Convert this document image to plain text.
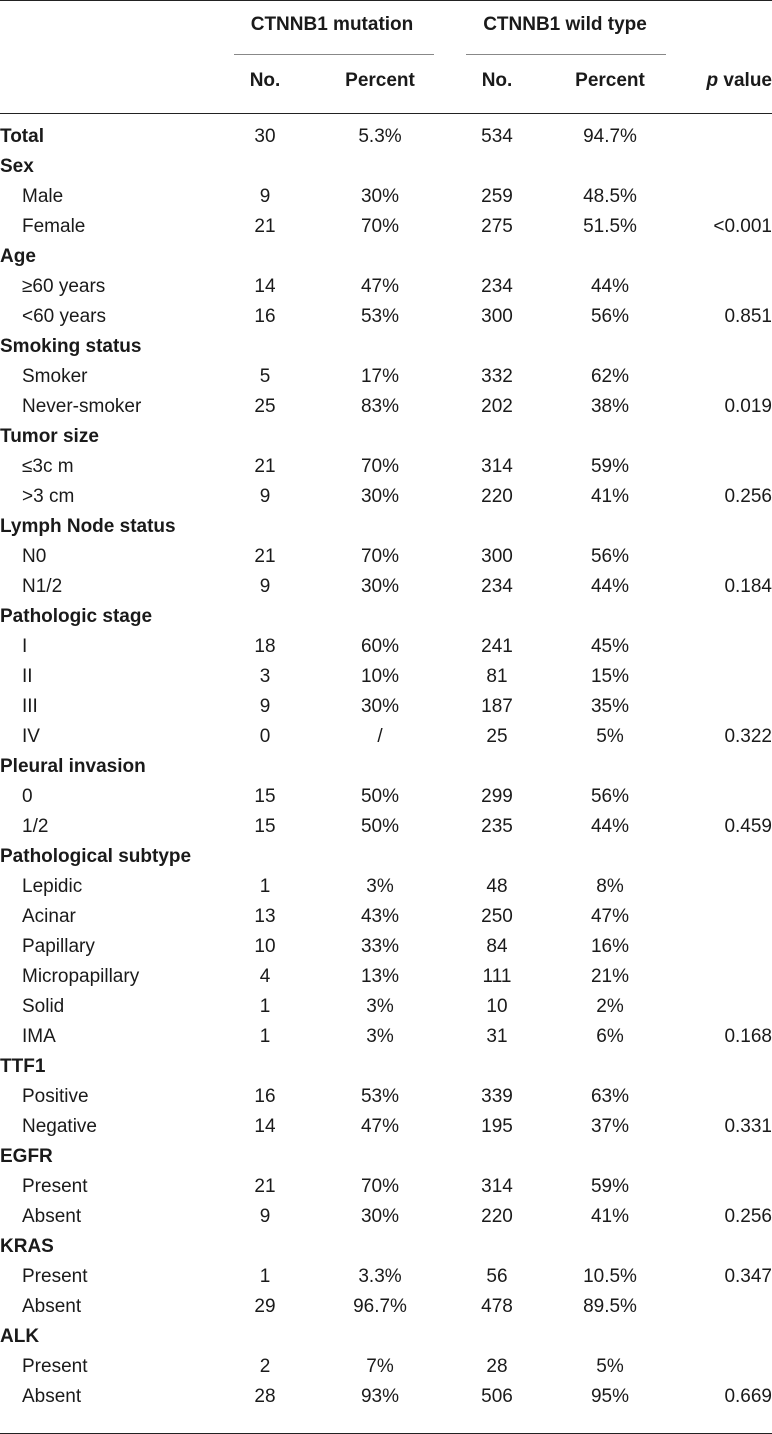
CTNNB1 mutation	CTNNB1 wild type
No.	Percent	No.	Percent	p value
Total	30	5.3%	534	94.7%
Sex
Male	9	30%	259	48.5%
Female	21	70%	275	51.5%	<0.001
Age
≥60 years	14	47%	234	44%
<60 years	16	53%	300	56%	0.851
Smoking status
Smoker	5	17%	332	62%
Never-smoker	25	83%	202	38%	0.019
Tumor size
≤3c m	21	70%	314	59%
>3 cm	9	30%	220	41%	0.256
Lymph Node status
N0	21	70%	300	56%
N1/2	9	30%	234	44%	0.184
Pathologic stage
I	18	60%	241	45%
II	3	10%	81	15%
III	9	30%	187	35%
IV	0	/	25	5%	0.322
Pleural invasion
0	15	50%	299	56%
1/2	15	50%	235	44%	0.459
Pathological subtype
Lepidic	1	3%	48	8%
Acinar	13	43%	250	47%
Papillary	10	33%	84	16%
Micropapillary	4	13%	111	21%
Solid	1	3%	10	2%
IMA	1	3%	31	6%	0.168
TTF1
Positive	16	53%	339	63%
Negative	14	47%	195	37%	0.331
EGFR
Present	21	70%	314	59%
Absent	9	30%	220	41%	0.256
KRAS
Present	1	3.3%	56	10.5%	0.347
Absent	29	96.7%	478	89.5%
ALK
Present	2	7%	28	5%
Absent	28	93%	506	95%	0.669
